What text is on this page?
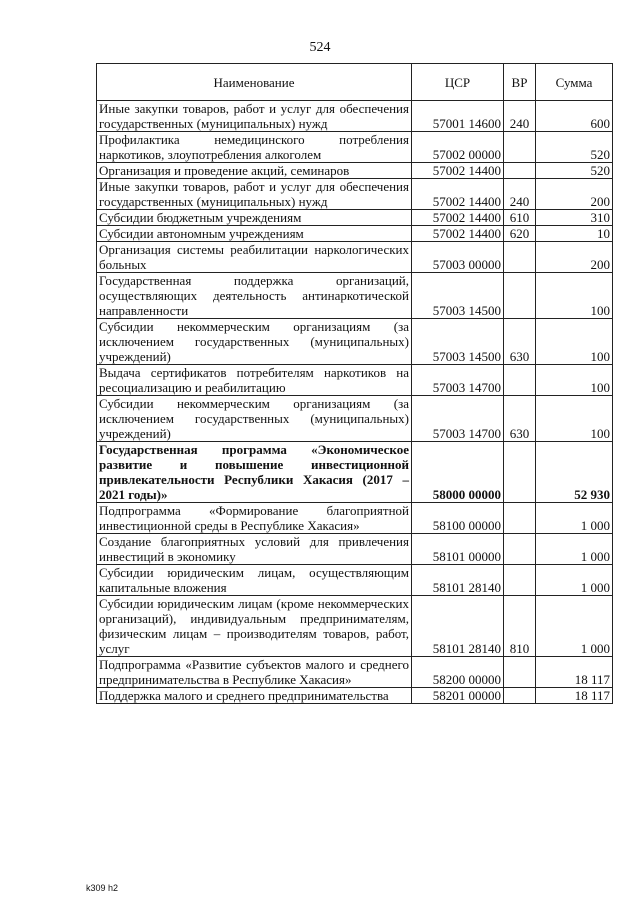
524
Наименование	ЦСР	ВР	Сумма
Иные закупки товаров, работ и услуг для обеспечения государственных (муниципальных) нужд	57001 14600	240	600
Профилактика немедицинского потребления наркотиков, злоупотребления алкоголем	57002 00000		520
Организация и проведение акций, семинаров	57002 14400		520
Иные закупки товаров, работ и услуг для обеспечения государственных (муниципальных) нужд	57002 14400	240	200
Субсидии бюджетным учреждениям	57002 14400	610	310
Субсидии автономным учреждениям	57002 14400	620	10
Организация системы реабилитации наркологических больных	57003 00000		200
Государственная поддержка организаций, осуществляющих деятельность антинаркотической направленности	57003 14500		100
Субсидии некоммерческим организациям (за исключением государственных (муниципальных) учреждений)	57003 14500	630	100
Выдача сертификатов потребителям наркотиков на ресоциализацию и реабилитацию	57003 14700		100
Субсидии некоммерческим организациям (за исключением государственных (муниципальных) учреждений)	57003 14700	630	100
Государственная программа «Экономическое развитие и повышение инвестиционной привлекательности Республики Хакасия (2017 – 2021 годы)»	58000 00000		52 930
Подпрограмма «Формирование благоприятной инвестиционной среды в Республике Хакасия»	58100 00000		1 000
Создание благоприятных условий для привлечения инвестиций в экономику	58101 00000		1 000
Субсидии юридическим лицам, осуществляющим капитальные вложения	58101 28140		1 000
Субсидии юридическим лицам (кроме некоммерческих организаций), индивидуальным предпринимателям, физическим лицам – производителям товаров, работ, услуг	58101 28140	810	1 000
Подпрограмма «Развитие субъектов малого и среднего предпринимательства в Республике Хакасия»	58200 00000		18 117
Поддержка малого и среднего предпринимательства	58201 00000		18 117
k309 h2
